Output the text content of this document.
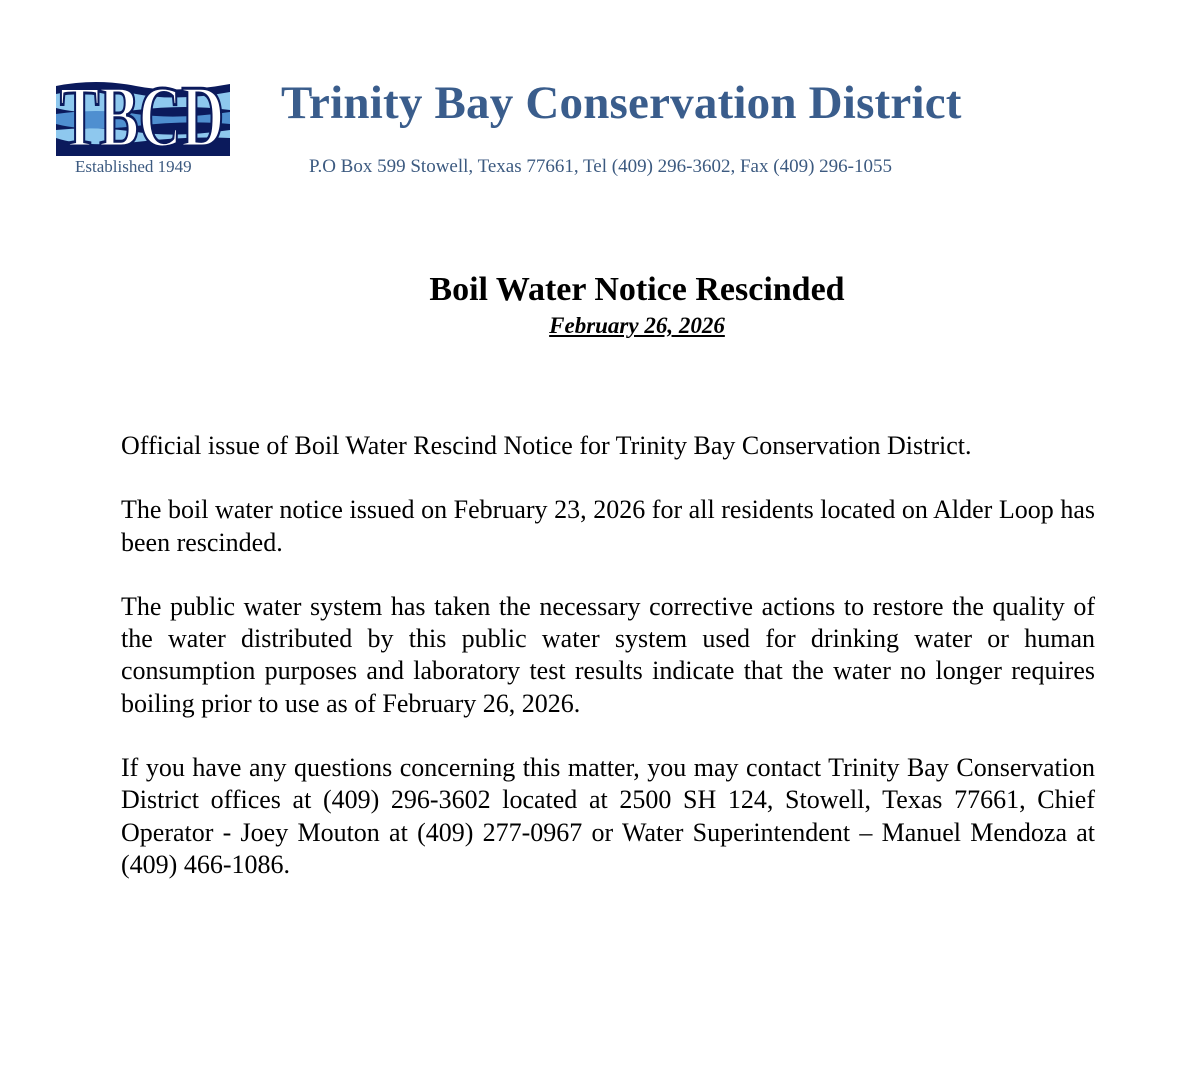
TBCD
Established 1949
Trinity Bay Conservation District
P.O Box 599 Stowell, Texas 77661, Tel (409) 296-3602, Fax (409) 296-1055
Boil Water Notice Rescinded
February 26, 2026

Official issue of Boil Water Rescind Notice for Trinity Bay Conservation District.

The boil water notice issued on February 23, 2026 for all residents located on Alder Loop has been rescinded.

The public water system has taken the necessary corrective actions to restore the quality of the water distributed by this public water system used for drinking water or human consumption purposes and laboratory test results indicate that the water no longer requires boiling prior to use as of February 26, 2026.

If you have any questions concerning this matter, you may contact Trinity Bay Conservation District offices at (409) 296-3602 located at 2500 SH 124, Stowell, Texas 77661, Chief Operator - Joey Mouton at (409) 277-0967 or Water Superintendent – Manuel Mendoza at (409) 466-1086.
